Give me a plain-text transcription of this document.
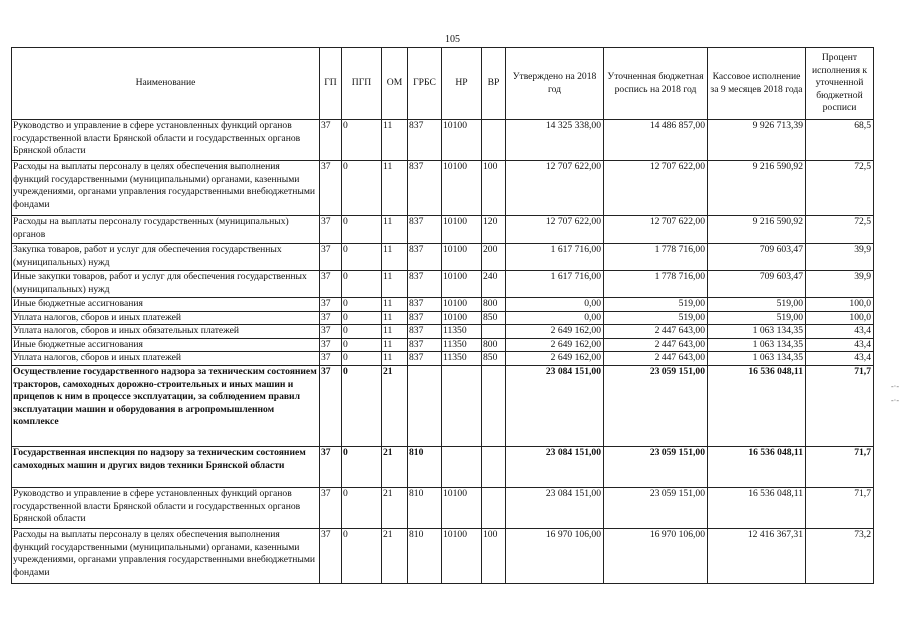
105
Наименование	ГП	ПГП	ОМ	ГРБС	НР	ВР	Утверждено на 2018 год	Уточненная бюджетная роспись на 2018 год	Кассовое исполнение за 9 месяцев 2018 года	Процент исполнения к уточненной бюджетной росписи
Руководство и управление в сфере установленных функций органов государственной власти Брянской области и государственных органов Брянской области	37	0	11	837	10100		14 325 338,00	14 486 857,00	9 926 713,39	68,5
Расходы на выплаты персоналу в целях обеспечения выполнения функций государственными (муниципальными) органами, казенными учреждениями, органами управления государственными внебюджетными фондами	37	0	11	837	10100	100	12 707 622,00	12 707 622,00	9 216 590,92	72,5
Расходы на выплаты персоналу государственных (муниципальных) органов	37	0	11	837	10100	120	12 707 622,00	12 707 622,00	9 216 590,92	72,5
Закупка товаров, работ и услуг для обеспечения государственных (муниципальных) нужд	37	0	11	837	10100	200	1 617 716,00	1 778 716,00	709 603,47	39,9
Иные закупки товаров, работ и услуг для обеспечения государственных (муниципальных) нужд	37	0	11	837	10100	240	1 617 716,00	1 778 716,00	709 603,47	39,9
Иные бюджетные ассигнования	37	0	11	837	10100	800	0,00	519,00	519,00	100,0
Уплата налогов, сборов и иных платежей	37	0	11	837	10100	850	0,00	519,00	519,00	100,0
Уплата налогов, сборов и иных обязательных платежей	37	0	11	837	11350		2 649 162,00	2 447 643,00	1 063 134,35	43,4
Иные бюджетные ассигнования	37	0	11	837	11350	800	2 649 162,00	2 447 643,00	1 063 134,35	43,4
Уплата налогов, сборов и иных платежей	37	0	11	837	11350	850	2 649 162,00	2 447 643,00	1 063 134,35	43,4
Осуществление государственного надзора за техническим состоянием тракторов, самоходных дорожно-строительных и иных машин и прицепов к ним в процессе эксплуатации, за соблюдением правил эксплуатации машин и оборудования в агропромышленном комплексе	37	0	21				23 084 151,00	23 059 151,00	16 536 048,11	71,7
Государственная инспекция по надзору за техническим состоянием самоходных машин и других видов техники Брянской области	37	0	21	810			23 084 151,00	23 059 151,00	16 536 048,11	71,7
Руководство и управление в сфере установленных функций органов государственной власти Брянской области и государственных органов Брянской области	37	0	21	810	10100		23 084 151,00	23 059 151,00	16 536 048,11	71,7
Расходы на выплаты персоналу в целях обеспечения выполнения функций государственными (муниципальными) органами, казенными учреждениями, органами управления государственными внебюджетными фондами	37	0	21	810	10100	100	16 970 106,00	16 970 106,00	12 416 367,31	73,2
-·-
-·-
